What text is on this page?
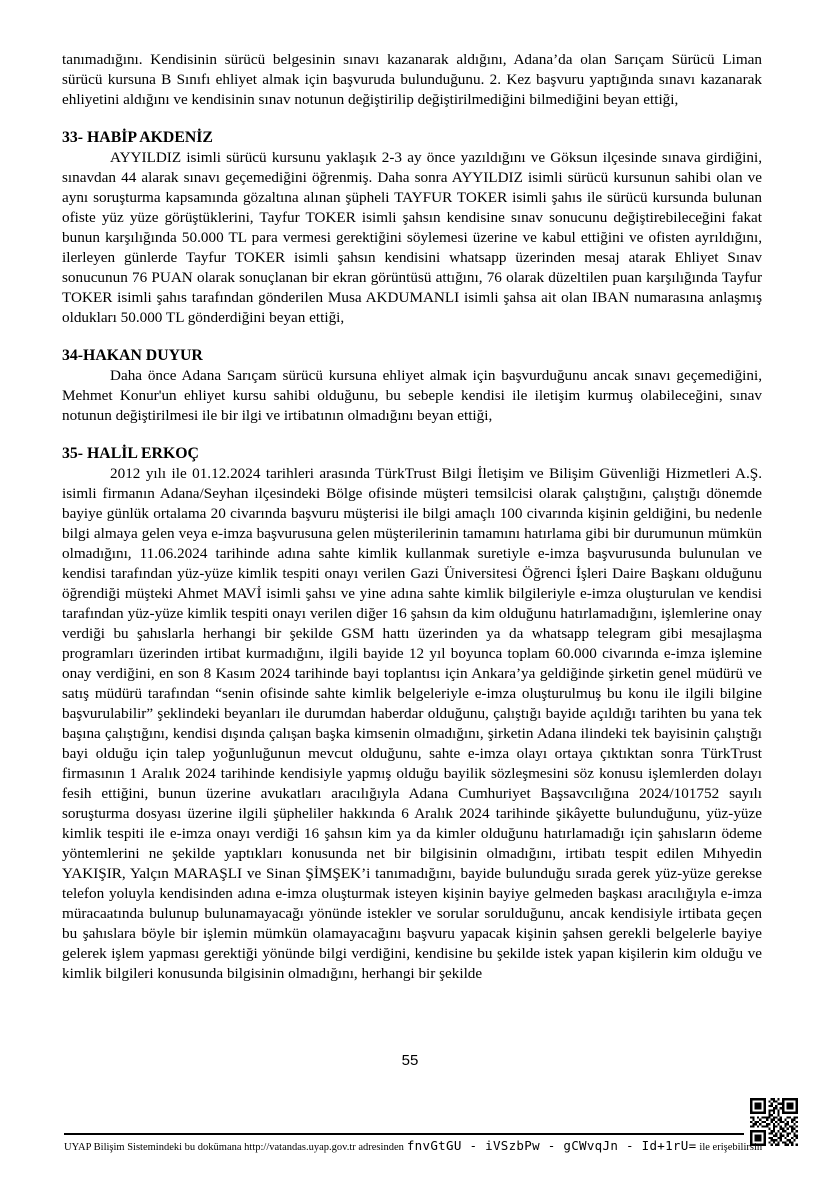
tanımadığını. Kendisinin sürücü belgesinin sınavı kazanarak aldığını, Adana’da olan Sarıçam Sürücü Liman sürücü kursuna B Sınıfı ehliyet almak için başvuruda bulunduğunu. 2. Kez başvuru yaptığında sınavı kazanarak ehliyetini aldığını ve kendisinin sınav notunun değiştirilip değiştirilmediğini bilmediğini beyan ettiği,

33- HABİP AKDENİZ

AYYILDIZ isimli sürücü kursunu yaklaşık 2-3 ay önce yazıldığını ve Göksun ilçesinde sınava girdiğini, sınavdan 44 alarak sınavı geçemediğini öğrenmiş. Daha sonra AYYILDIZ isimli sürücü kursunun sahibi olan ve aynı soruşturma kapsamında gözaltına alınan şüpheli TAYFUR TOKER isimli şahıs ile sürücü kursunda bulunan ofiste yüz yüze görüştüklerini, Tayfur TOKER isimli şahsın kendisine sınav sonucunu değiştirebileceğini fakat bunun karşılığında 50.000 TL para vermesi gerektiğini söylemesi üzerine ve kabul ettiğini ve ofisten ayrıldığını, ilerleyen günlerde Tayfur TOKER isimli şahsın kendisini whatsapp üzerinden mesaj atarak Ehliyet Sınav sonucunun 76 PUAN olarak sonuçlanan bir ekran görüntüsü attığını, 76 olarak düzeltilen puan karşılığında Tayfur TOKER isimli şahıs tarafından gönderilen Musa AKDUMANLI isimli şahsa ait olan IBAN numarasına anlaşmış oldukları 50.000 TL gönderdiğini beyan ettiği,

34-HAKAN DUYUR

Daha önce Adana Sarıçam sürücü kursuna ehliyet almak için başvurduğunu ancak sınavı geçemediğini, Mehmet Konur'un ehliyet kursu sahibi olduğunu, bu sebeple kendisi ile iletişim kurmuş olabileceğini, sınav notunun değiştirilmesi ile bir ilgi ve irtibatının olmadığını beyan ettiği,

35- HALİL ERKOÇ

2012 yılı ile 01.12.2024 tarihleri arasında TürkTrust Bilgi İletişim ve Bilişim Güvenliği Hizmetleri A.Ş. isimli firmanın Adana/Seyhan ilçesindeki Bölge ofisinde müşteri temsilcisi olarak çalıştığını, çalıştığı dönemde bayiye günlük ortalama 20 civarında başvuru müşterisi ile bilgi amaçlı 100 civarında kişinin geldiğini, bu nedenle bilgi almaya gelen veya e-imza başvurusuna gelen müşterilerinin tamamını hatırlama gibi bir durumunun mümkün olmadığını, 11.06.2024 tarihinde adına sahte kimlik kullanmak suretiyle e-imza başvurusunda bulunulan ve kendisi tarafından yüz-yüze kimlik tespiti onayı verilen Gazi Üniversitesi Öğrenci İşleri Daire Başkanı olduğunu öğrendiği müşteki Ahmet MAVİ isimli şahsı ve yine adına sahte kimlik bilgileriyle e-imza oluşturulan ve kendisi tarafından yüz-yüze kimlik tespiti onayı verilen diğer 16 şahsın da kim olduğunu hatırlamadığını, işlemlerine onay verdiği bu şahıslarla herhangi bir şekilde GSM hattı üzerinden ya da whatsapp telegram gibi mesajlaşma programları üzerinden irtibat kurmadığını, ilgili bayide 12 yıl boyunca toplam 60.000 civarında e-imza işlemine onay verdiğini, en son 8 Kasım 2024 tarihinde bayi toplantısı için Ankara’ya geldiğinde şirketin genel müdürü ve satış müdürü tarafından “senin ofisinde sahte kimlik belgeleriyle e-imza oluşturulmuş bu konu ile ilgili bilgine başvurulabilir” şeklindeki beyanları ile durumdan haberdar olduğunu, çalıştığı bayide açıldığı tarihten bu yana tek başına çalıştığını, kendisi dışında çalışan başka kimsenin olmadığını, şirketin Adana ilindeki tek bayisinin çalıştığı bayi olduğu için talep yoğunluğunun mevcut olduğunu, sahte e-imza olayı ortaya çıktıktan sonra TürkTrust firmasının 1 Aralık 2024 tarihinde kendisiyle yapmış olduğu bayilik sözleşmesini söz konusu işlemlerden dolayı fesih ettiğini, bunun üzerine avukatları aracılığıyla Adana Cumhuriyet Başsavcılığına 2024/101752 sayılı soruşturma dosyası üzerine ilgili şüpheliler hakkında 6 Aralık 2024 tarihinde şikâyette bulunduğunu, yüz-yüze kimlik tespiti ile e-imza onayı verdiği 16 şahsın kim ya da kimler olduğunu hatırlamadığı için şahısların ödeme yöntemlerini ne şekilde yaptıkları konusunda net bir bilgisinin olmadığını, irtibatı tespit edilen Mıhyedin YAKIŞIR, Yalçın MARAŞLI ve Sinan ŞİMŞEK’i tanımadığını, bayide bulunduğu sırada gerek yüz-yüze gerekse telefon yoluyla kendisinden adına e-imza oluşturmak isteyen kişinin bayiye gelmeden başkası aracılığıyla e-imza müracaatında bulunup bulunamayacağı yönünde istekler ve sorular sorulduğunu, ancak kendisiyle irtibata geçen bu şahıslara böyle bir işlemin mümkün olamayacağını başvuru yapacak kişinin şahsen gerekli belgelerle bayiye gelerek işlem yapması gerektiği yönünde bilgi verdiğini, kendisine bu şekilde istek yapan kişilerin kim olduğu ve kimlik bilgileri konusunda bilgisinin olmadığını, herhangi bir şekilde

55
UYAP Bilişim Sistemindeki bu dokümana http://vatandas.uyap.gov.tr adresinden fnvGtGU - iVSzbPw - gCWvqJn - Id+1rU= ile erişebilirsin
